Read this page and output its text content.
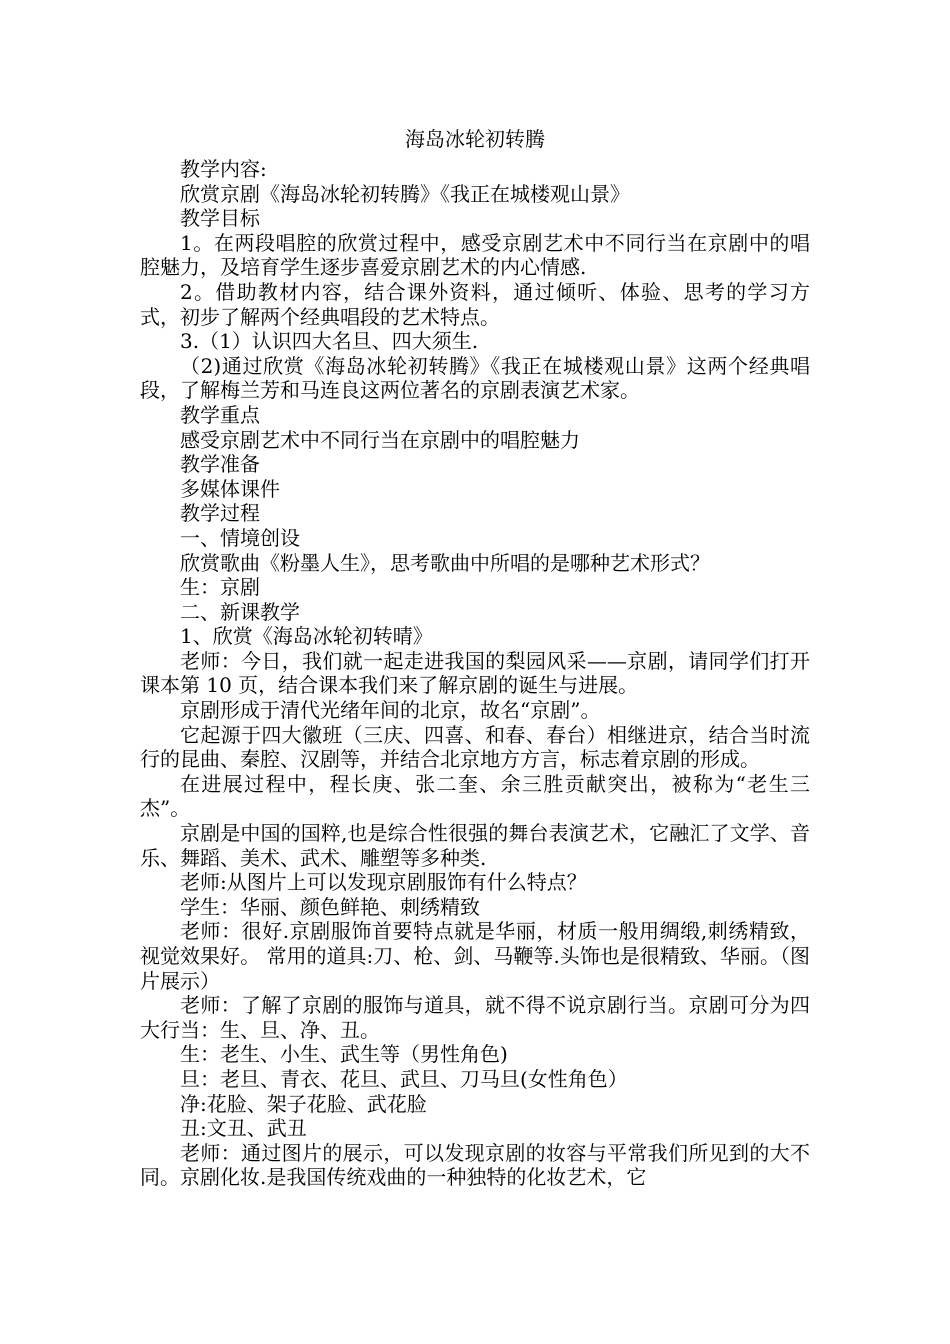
海岛冰轮初转腾

教学内容:

欣赏京剧《海岛冰轮初转腾》《我正在城楼观山景》

教学目标

1。在两段唱腔的欣赏过程中，感受京剧艺术中不同行当在京剧中的唱腔魅力，及培育学生逐步喜爱京剧艺术的内心情感.

2。借助教材内容，结合课外资料，通过倾听、体验、思考的学习方式，初步了解两个经典唱段的艺术特点。

3.（1）认识四大名旦、四大须生.

（2)通过欣赏《海岛冰轮初转腾》《我正在城楼观山景》这两个经典唱段，了解梅兰芳和马连良这两位著名的京剧表演艺术家。

教学重点

感受京剧艺术中不同行当在京剧中的唱腔魅力

教学准备

多媒体课件

教学过程

一、情境创设

欣赏歌曲《粉墨人生》，思考歌曲中所唱的是哪种艺术形式？

生：京剧

二、新课教学

1、欣赏《海岛冰轮初转晴》

老师：今日，我们就一起走进我国的梨园风采——京剧，请同学们打开课本第 10 页，结合课本我们来了解京剧的诞生与进展。

京剧形成于清代光绪年间的北京，故名“京剧”。

它起源于四大徽班（三庆、四喜、和春、春台）相继进京，结合当时流行的昆曲、秦腔、汉剧等，并结合北京地方方言，标志着京剧的形成。

在进展过程中，程长庚、张二奎、余三胜贡献突出，被称为“老生三杰”。

京剧是中国的国粹,也是综合性很强的舞台表演艺术，它融汇了文学、音乐、舞蹈、美术、武术、雕塑等多种类.

老师:从图片上可以发现京剧服饰有什么特点？

学生：华丽、颜色鲜艳、刺绣精致

老师：很好.京剧服饰首要特点就是华丽，材质一般用绸缎,刺绣精致，视觉效果好。 常用的道具:刀、枪、剑、马鞭等.头饰也是很精致、华丽。（图片展示）

老师：了解了京剧的服饰与道具，就不得不说京剧行当。京剧可分为四大行当：生、旦、净、丑。

生：老生、小生、武生等（男性角色)

旦：老旦、青衣、花旦、武旦、刀马旦(女性角色）

净:花脸、架子花脸、武花脸

丑:文丑、武丑

老师：通过图片的展示，可以发现京剧的妆容与平常我们所见到的大不同。京剧化妆.是我国传统戏曲的一种独特的化妆艺术，它
